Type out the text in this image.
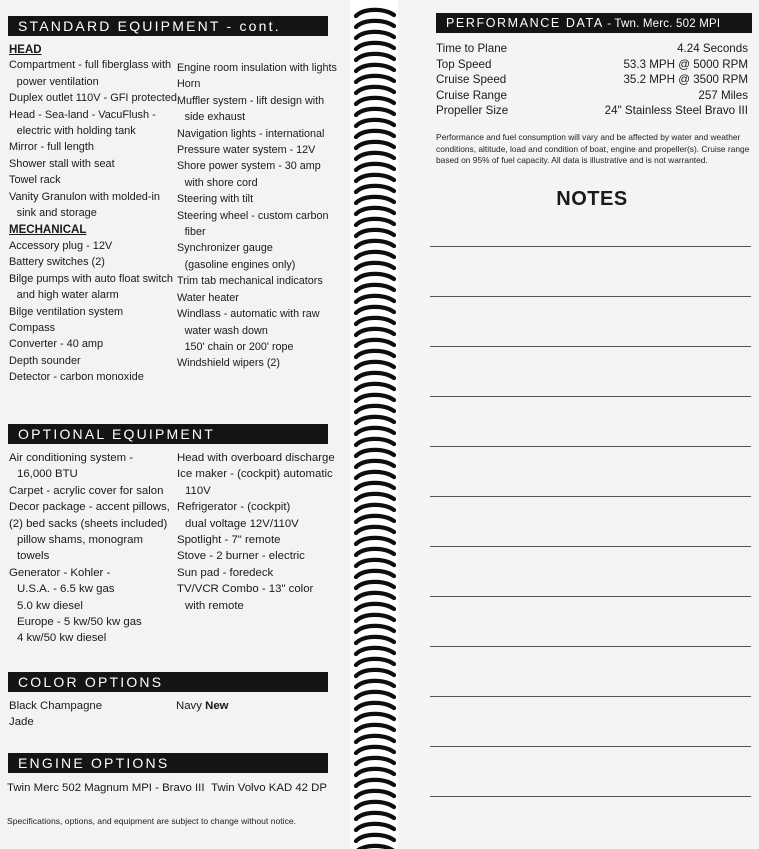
STANDARD EQUIPMENT - cont.
HEAD
Compartment - full fiberglass with
power ventilation
Duplex outlet 110V - GFI protected
Head - Sea-land - VacuFlush -
electric with holding tank
Mirror - full length
Shower stall with seat
Towel rack
Vanity Granulon with molded-in
sink and storage
MECHANICAL
Accessory plug - 12V
Battery switches (2)
Bilge pumps with auto float switch
and high water alarm
Bilge ventilation system
Compass
Converter - 40 amp
Depth sounder
Detector - carbon monoxide
Engine room insulation with lights
Horn
Muffler system - lift design with
side exhaust
Navigation lights - international
Pressure water system - 12V
Shore power system - 30 amp
with shore cord
Steering with tilt
Steering wheel - custom carbon
fiber
Synchronizer gauge
(gasoline engines only)
Trim tab mechanical indicators
Water heater
Windlass - automatic with raw
water wash down
150' chain or 200' rope
Windshield wipers (2)
OPTIONAL EQUIPMENT
Air conditioning system -
16,000 BTU
Carpet - acrylic cover for salon
Decor package - accent pillows,
(2) bed sacks (sheets included)
pillow shams, monogram
towels
Generator - Kohler -
U.S.A. - 6.5 kw gas
5.0 kw diesel
Europe - 5 kw/50 kw gas
4 kw/50 kw diesel
Head with overboard discharge
Ice maker - (cockpit) automatic
110V
Refrigerator - (cockpit)
dual voltage 12V/110V
Spotlight - 7" remote
Stove - 2 burner - electric
Sun pad - foredeck
TV/VCR Combo - 13" color
with remote
COLOR OPTIONS
Black Champagne
Jade
Navy New
ENGINE OPTIONS
Twin Merc 502 Magnum MPI - Bravo III Twin Volvo KAD 42 DP
Specifications, options, and equipment are subject to change without notice.
PERFORMANCE DATA - Twn. Merc. 502 MPI
Time to Plane	4.24 Seconds
Top Speed	53.3 MPH @ 5000 RPM
Cruise Speed	35.2 MPH @ 3500 RPM
Cruise Range	257 Miles
Propeller Size	24" Stainless Steel Bravo III
Performance and fuel consumption will vary and be affected by water and weather conditions, altitude, load and condition of boat, engine and propeller(s). Cruise range based on 95% of fuel capacity. All data is illustrative and is not warranted.
NOTES
